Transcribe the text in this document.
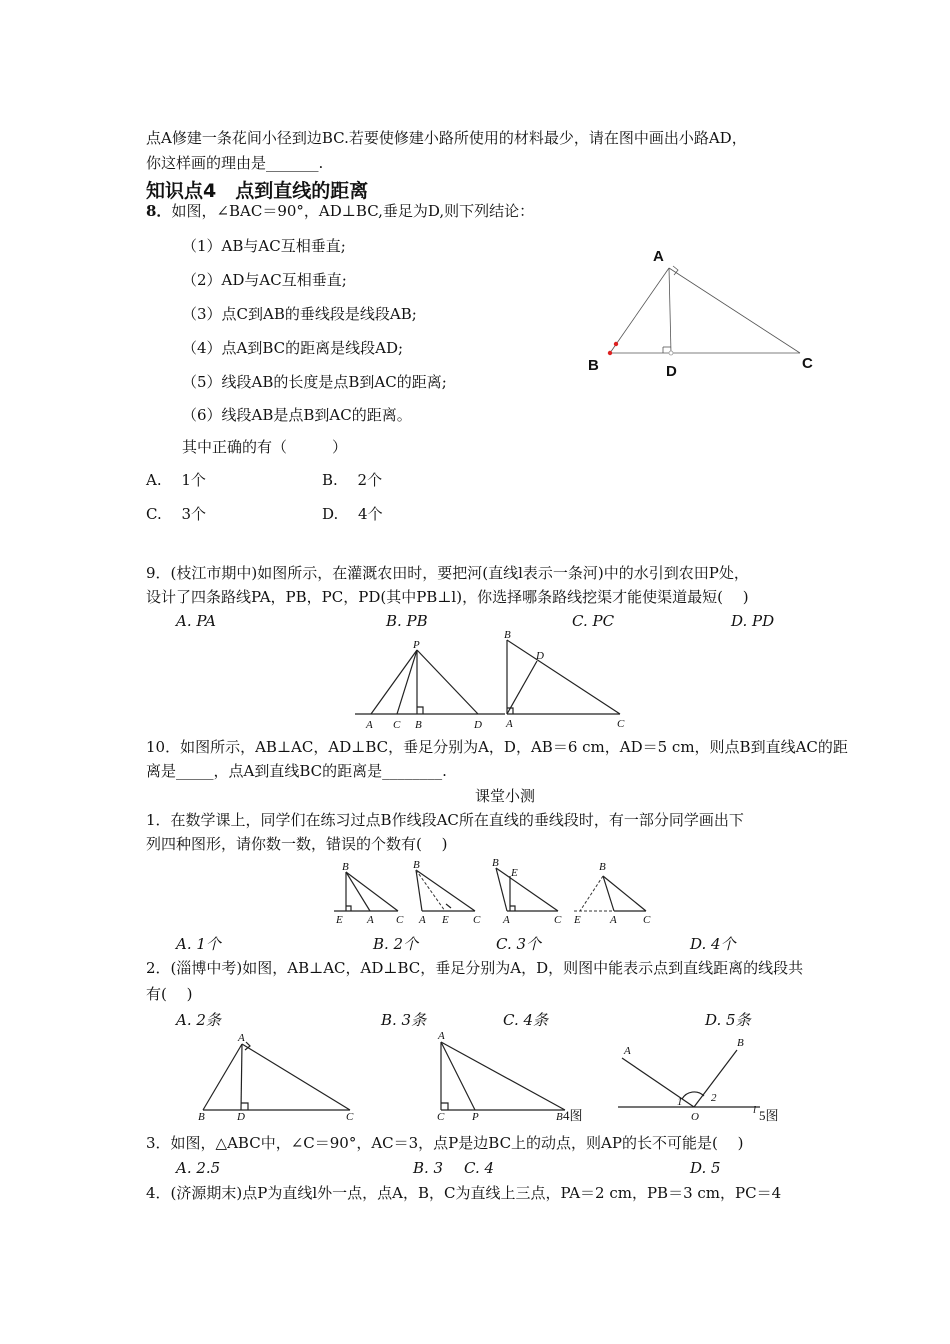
点A修建一条花间小径到边BC.若要使修建小路所使用的材料最少，请在图中画出小路AD，
你这样画的理由是_______.
知识点4　点到直线的距离
8．如图，∠BAC＝90°，AD⊥BC,垂足为D,则下列结论：
（1）AB与AC互相垂直;
（2）AD与AC互相垂直;
（3）点C到AB的垂线段是线段AB;
（4）点A到BC的距离是线段AD;
（5）线段AB的长度是点B到AC的距离;
（6）线段AB是点B到AC的距离。
其中正确的有（　　　）
A.　 1个	B.　 2个
C.　 3个	D.　 4个
A
B	D	C
9．(枝江市期中)如图所示，在灌溉农田时，要把河(直线l表示一条河)中的水引到农田P处，
设计了四条路线PA，PB，PC，PD(其中PB⊥l)，你选择哪条路线挖渠才能使渠道最短(　 )
A. PA	B. PB	C. PC	D. PD
P
A C B	D
B
D
A	C
10．如图所示，AB⊥AC，AD⊥BC，垂足分别为A，D，AB＝6 cm，AD＝5 cm，则点B到直线AC的距
离是_____，点A到直线BC的距离是________.
课堂小测
1．在数学课上，同学们在练习过点B作线段AC所在直线的垂线段时，有一部分同学画出下
列四种图形，请你数一数，错误的个数有(　 )
B
E A C
B
A E C
B
E
A	C
B
E	A C
A. 1个	B. 2个	C. 3个	D. 4个
2．(淄博中考)如图，AB⊥AC，AD⊥BC，垂足分别为A，D，则图中能表示点到直线距离的线段共
有(　 )
A. 2条	B. 3条	C. 4条	D. 5条
A
B	D	C
A
C	P	B 4图
A
B
1	2
O
l 5图
3．如图，△ABC中，∠C＝90°，AC＝3，点P是边BC上的动点，则AP的长不可能是(　 )
A. 2.5	B. 3 C. 4	D. 5
4．(济源期末)点P为直线l外一点，点A，B，C为直线上三点，PA＝2 cm，PB＝3 cm，PC＝4
